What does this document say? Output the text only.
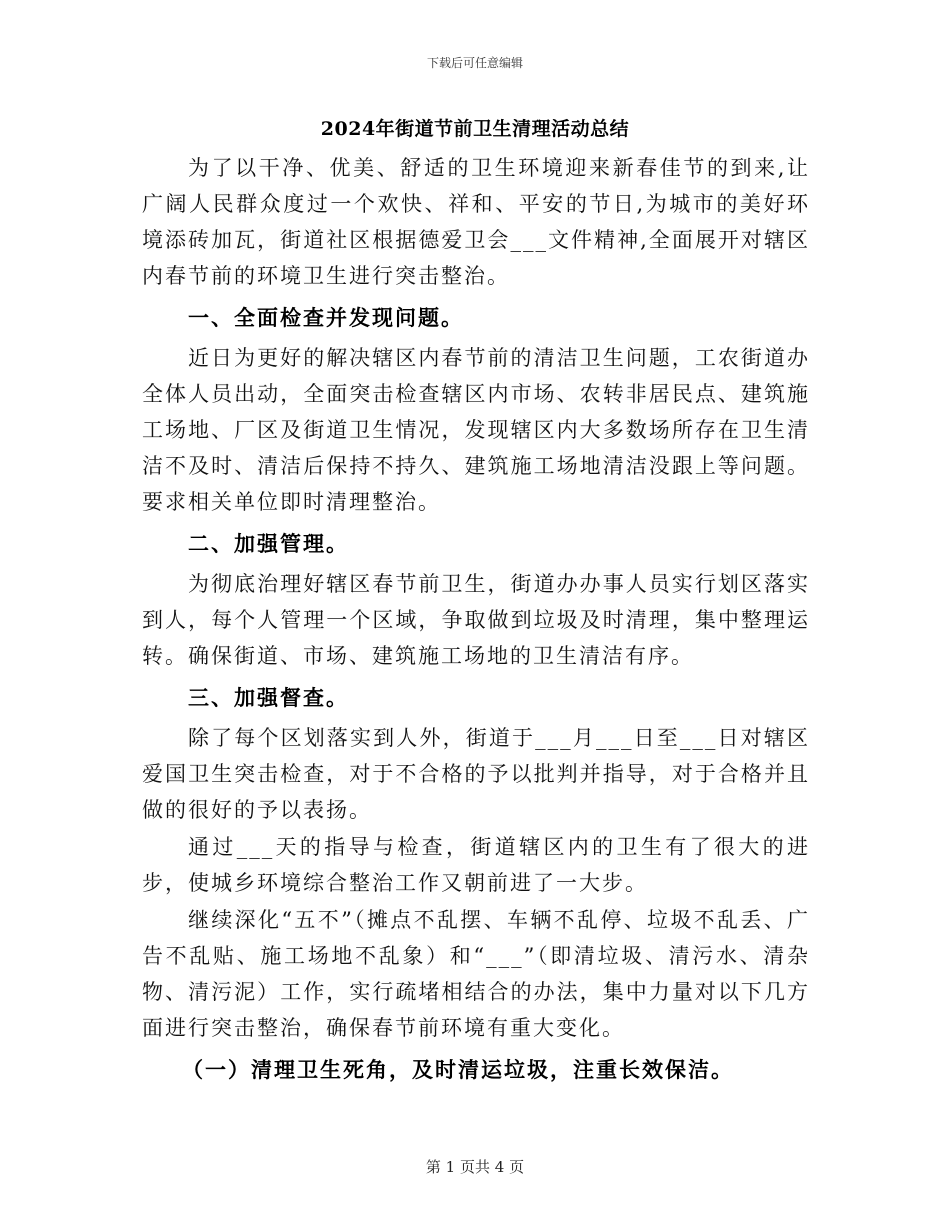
下载后可任意编辑
2024年街道节前卫生清理活动总结

为了以干净、优美、舒适的卫生环境迎来新春佳节的到来,让广阔人民群众度过一个欢快、祥和、平安的节日,为城市的美好环境添砖加瓦，街道社区根据德爱卫会___文件精神,全面展开对辖区内春节前的环境卫生进行突击整治。

一、全面检查并发现问题。

近日为更好的解决辖区内春节前的清洁卫生问题，工农街道办全体人员出动，全面突击检查辖区内市场、农转非居民点、建筑施工场地、厂区及街道卫生情况，发现辖区内大多数场所存在卫生清洁不及时、清洁后保持不持久、建筑施工场地清洁没跟上等问题。要求相关单位即时清理整治。

二、加强管理。

为彻底治理好辖区春节前卫生，街道办办事人员实行划区落实到人，每个人管理一个区域，争取做到垃圾及时清理，集中整理运转。确保街道、市场、建筑施工场地的卫生清洁有序。

三、加强督查。

除了每个区划落实到人外，街道于___月___日至___日对辖区爱国卫生突击检查，对于不合格的予以批判并指导，对于合格并且做的很好的予以表扬。

通过___天的指导与检查，街道辖区内的卫生有了很大的进步，使城乡环境综合整治工作又朝前进了一大步。

继续深化“五不”（摊点不乱摆、车辆不乱停、垃圾不乱丢、广告不乱贴、施工场地不乱象）和“___”（即清垃圾、清污水、清杂物、清污泥）工作，实行疏堵相结合的办法，集中力量对以下几方面进行突击整治，确保春节前环境有重大变化。

（一）清理卫生死角，及时清运垃圾，注重长效保洁。

第 1 页共 4 页
